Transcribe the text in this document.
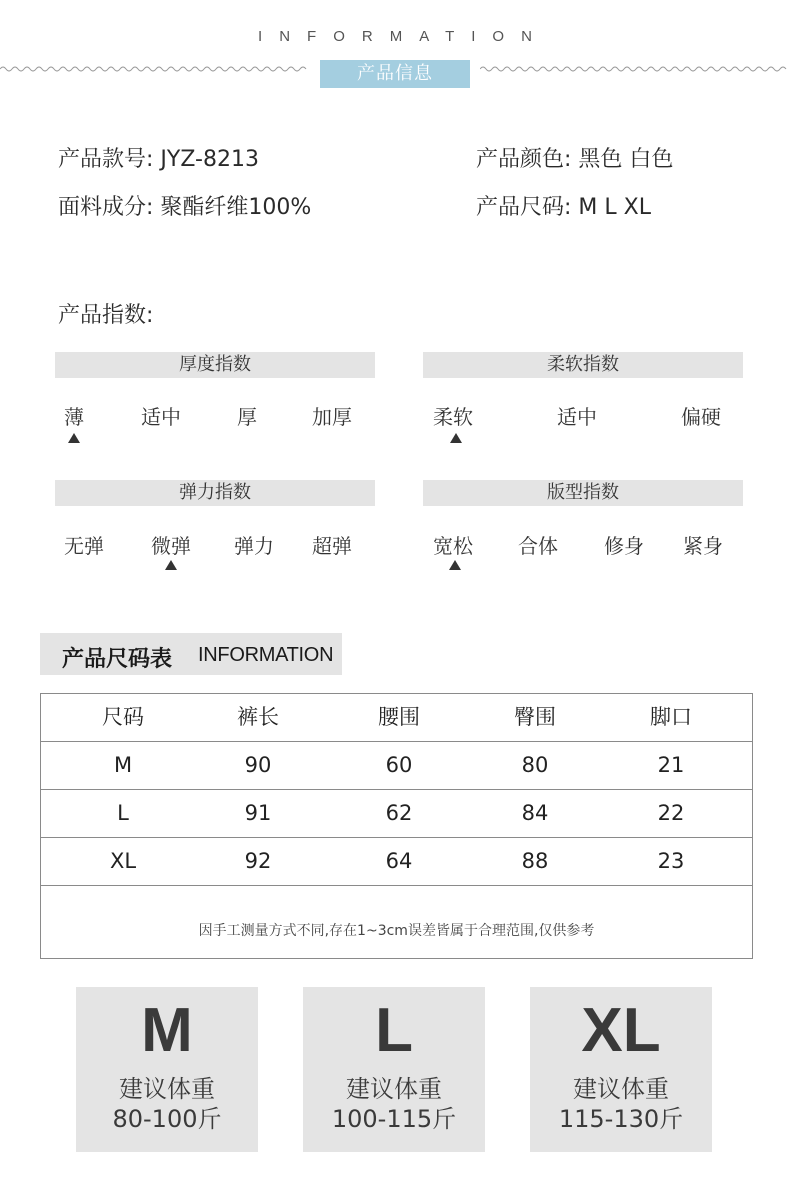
INFORMATION
产品信息
产品款号: JYZ-8213
面料成分: 聚酯纤维100%
产品颜色: 黑色 白色
产品尺码: M L XL
产品指数:
厚度指数
薄	适中	厚	加厚
柔软指数
柔软	适中	偏硬
弹力指数
无弹 微弹 弹力 超弹
版型指数
宽松 合体 修身 紧身
产品尺码表 INFORMATION
尺码	裤长	腰围	臀围	脚口
M	90	60	80	21
L	91	62	84	22
XL	92	64	88	23
因手工测量方式不同,存在1~3cm误差皆属于合理范围,仅供参考
M
建议体重
80-100斤
L
建议体重
100-115斤
XL
建议体重
115-130斤
